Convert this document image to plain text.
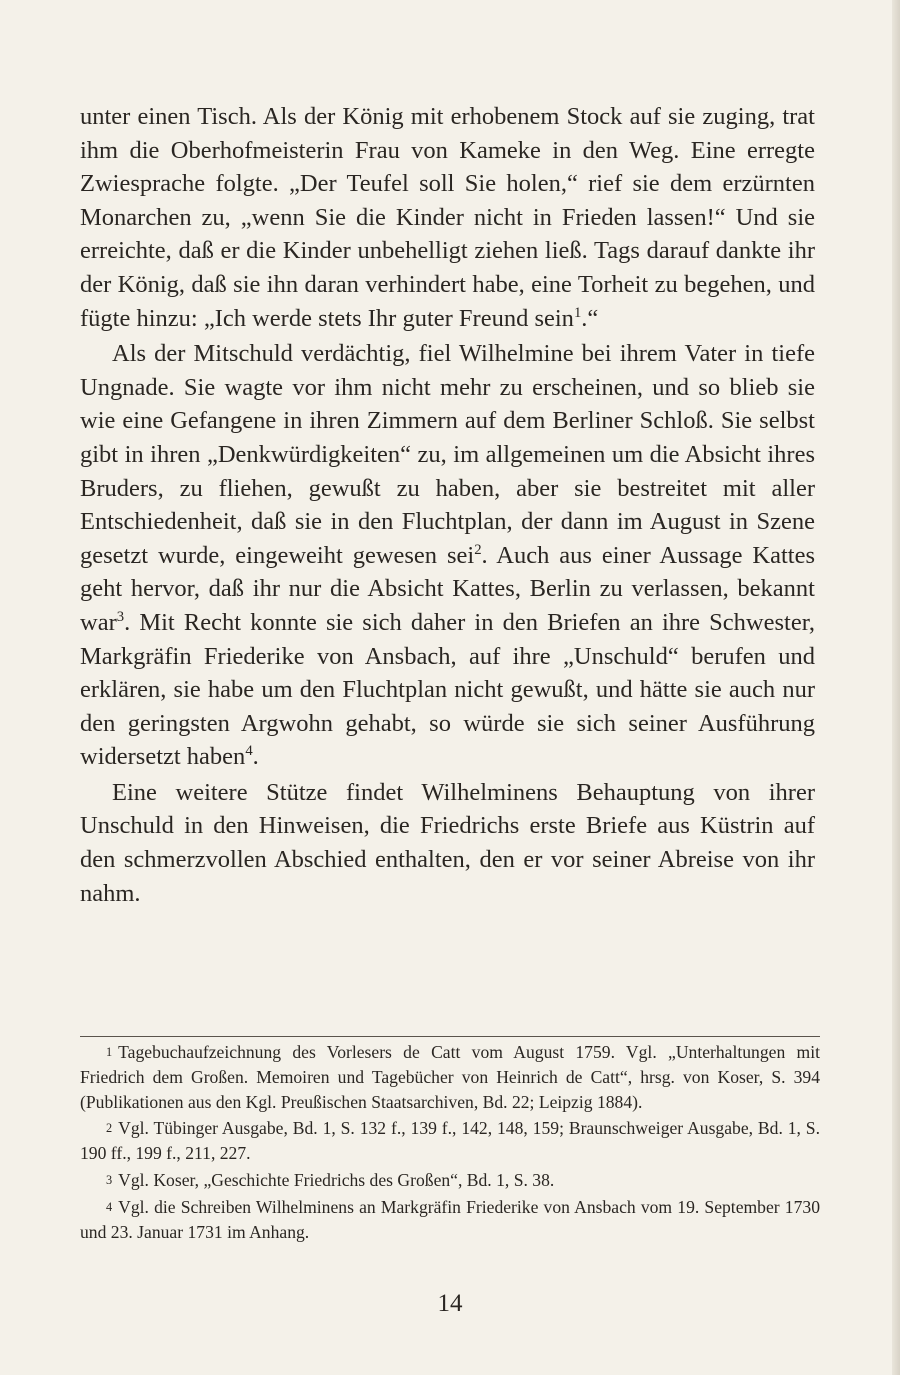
unter einen Tisch. Als der König mit erhobenem Stock auf sie zuging, trat ihm die Oberhofmeisterin Frau von Kameke in den Weg. Eine erregte Zwiesprache folgte. „Der Teufel soll Sie holen,“ rief sie dem erzürnten Monarchen zu, „wenn Sie die Kinder nicht in Frieden lassen!“ Und sie erreichte, daß er die Kinder unbehelligt ziehen ließ. Tags darauf dankte ihr der König, daß sie ihn daran verhindert habe, eine Torheit zu begehen, und fügte hinzu: „Ich werde stets Ihr guter Freund sein$^1$.“

Als der Mitschuld verdächtig, fiel Wilhelmine bei ihrem Vater in tiefe Ungnade. Sie wagte vor ihm nicht mehr zu erscheinen, und so blieb sie wie eine Gefangene in ihren Zimmern auf dem Berliner Schloß. Sie selbst gibt in ihren „Denkwürdigkeiten“ zu, im allgemeinen um die Absicht ihres Bruders, zu fliehen, gewußt zu haben, aber sie bestreitet mit aller Entschiedenheit, daß sie in den Fluchtplan, der dann im August in Szene gesetzt wurde, eingeweiht gewesen sei$^2$. Auch aus einer Aussage Kattes geht hervor, daß ihr nur die Absicht Kattes, Berlin zu verlassen, bekannt war$^3$. Mit Recht konnte sie sich daher in den Briefen an ihre Schwester, Markgräfin Friederike von Ansbach, auf ihre „Unschuld“ berufen und erklären, sie habe um den Fluchtplan nicht gewußt, und hätte sie auch nur den geringsten Argwohn gehabt, so würde sie sich seiner Ausführung widersetzt haben$^4$.

Eine weitere Stütze findet Wilhelminens Behauptung von ihrer Unschuld in den Hinweisen, die Friedrichs erste Briefe aus Küstrin auf den schmerzvollen Abschied enthalten, den er vor seiner Abreise von ihr nahm.

1 Tagebuchaufzeichnung des Vorlesers de Catt vom August 1759. Vgl. „Unterhaltungen mit Friedrich dem Großen. Memoiren und Tagebücher von Heinrich de Catt“, hrsg. von Koser, S. 394 (Publikationen aus den Kgl. Preußischen Staatsarchiven, Bd. 22; Leipzig 1884).

2 Vgl. Tübinger Ausgabe, Bd. 1, S. 132 f., 139 f., 142, 148, 159; Braunschweiger Ausgabe, Bd. 1, S. 190 ff., 199 f., 211, 227.

3 Vgl. Koser, „Geschichte Friedrichs des Großen“, Bd. 1, S. 38.

4 Vgl. die Schreiben Wilhelminens an Markgräfin Friederike von Ansbach vom 19. September 1730 und 23. Januar 1731 im Anhang.

14
